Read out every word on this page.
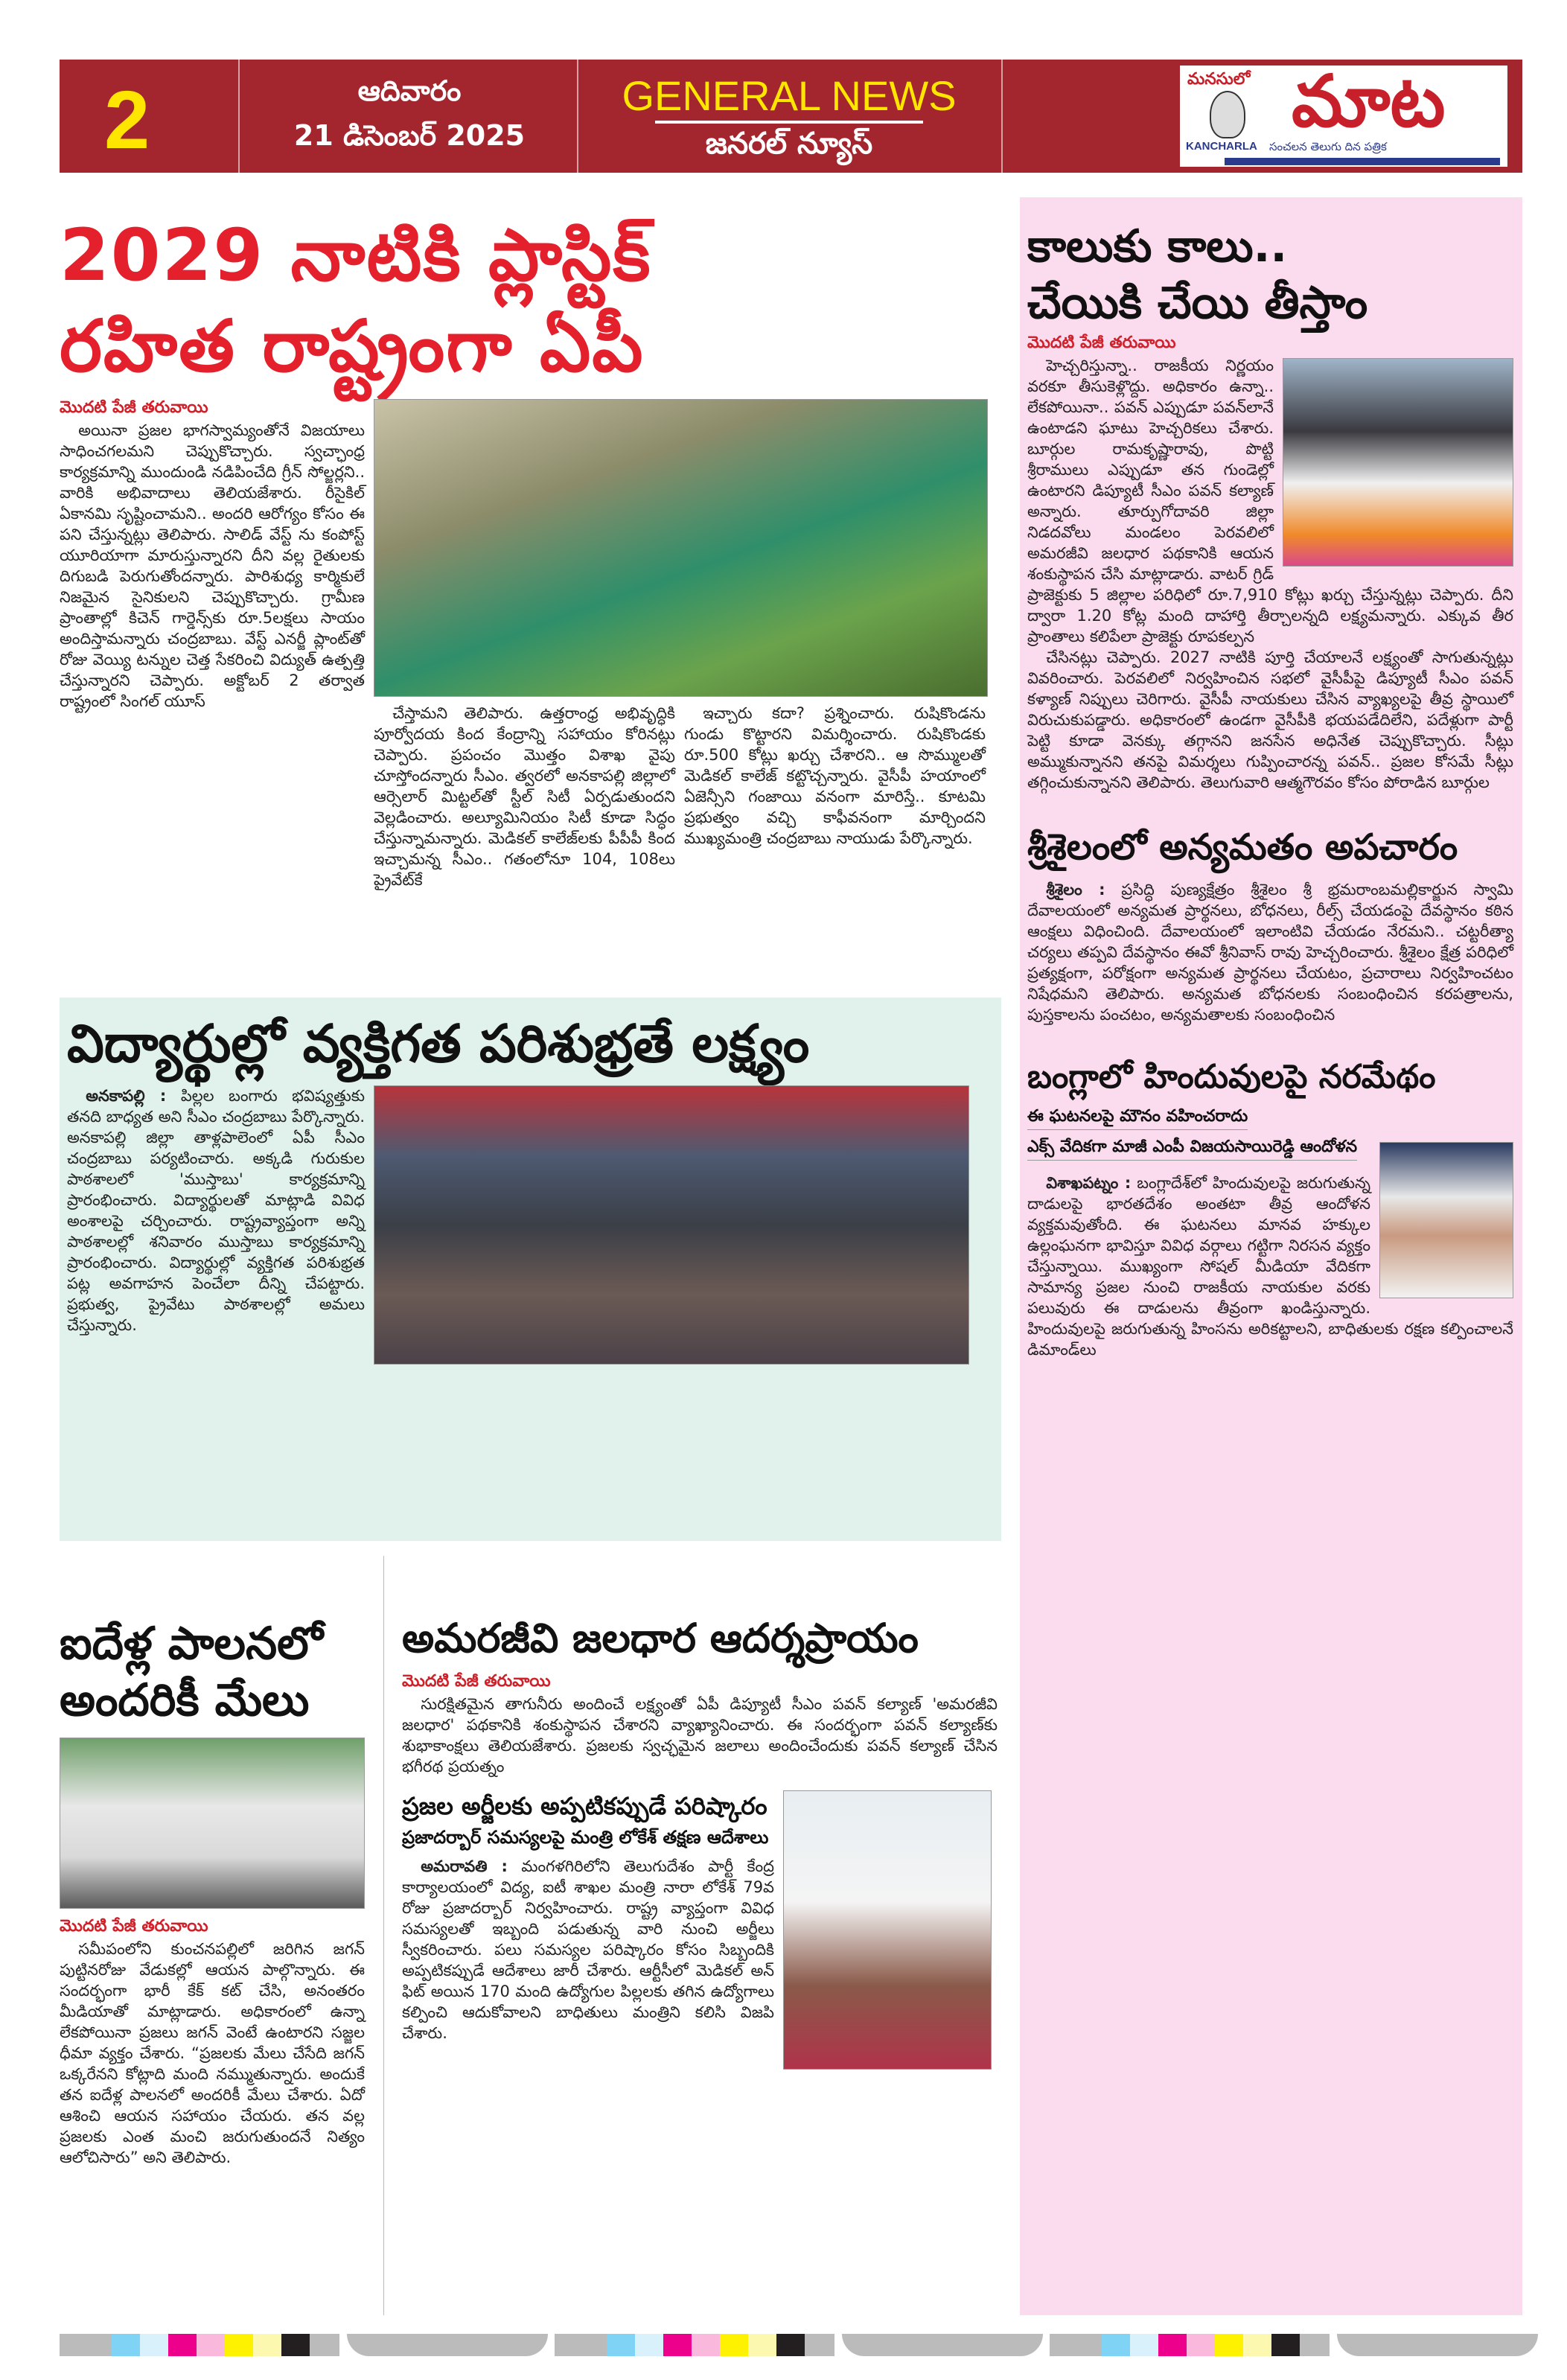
2	ఆదివారం
21 డిసెంబర్ 2025
GENERAL NEWS
జనరల్ న్యూస్
మనసులో మాట
KANCHARLA సంచలన తెలుగు దిన పత్రిక
2029 నాటికి ప్లాస్టిక్
రహిత రాష్ట్రంగా ఏపీ
మొదటి పేజీ తరువాయి

అయినా ప్రజల భాగస్వామ్యంతోనే విజయాలు సాధించగలమని చెప్పుకొచ్చారు. స్వచ్ఛాంధ్ర కార్యక్రమాన్ని ముందుండి నడిపించేది గ్రీన్ సోల్జర్లని.. వారికి అభివాదాలు తెలియజేశారు. రీసైకిల్ ఏకానమి సృష్టించామని.. అందరి ఆరోగ్యం కోసం ఈ పని చేస్తున్నట్లు తెలిపారు. సాలిడ్ వేస్ట్ ను కంపోస్ట్ యూరియాగా మారుస్తున్నారని దీని వల్ల రైతులకు దిగుబడి పెరుగుతోందన్నారు. పారిశుధ్య కార్మికులే నిజమైన సైనికులని చెప్పుకొచ్చారు. గ్రామీణ ప్రాంతాల్లో కిచెన్ గార్డెన్స్‌కు రూ.5లక్షలు సాయం అందిస్తామన్నారు చంద్రబాబు. వేస్ట్ ఎనర్జీ ప్లాంట్‌తో రోజు వెయ్యి టన్నుల చెత్త సేకరించి విద్యుత్ ఉత్పత్తి చేస్తున్నారని చెప్పారు. అక్టోబర్ 2 తర్వాత రాష్ట్రంలో సింగల్ యూస్

చేస్తామని తెలిపారు. ఉత్తరాంధ్ర అభివృద్ధికి పూర్వోదయ కింద కేంద్రాన్ని సహాయం కోరినట్లు చెప్పారు. ప్రపంచం మొత్తం విశాఖ వైపు చూస్తోందన్నారు సీఎం. త్వరలో అనకాపల్లి జిల్లాలో ఆర్సెలార్ మిట్టల్‌తో స్టీల్ సిటీ ఏర్పడుతుందని వెల్లడించారు. అల్యూమినియం సిటీ కూడా సిద్ధం చేస్తున్నామన్నారు. మెడికల్ కాలేజ్‌లకు పీపీపీ కింద ఇచ్చామన్న సీఎం.. గతంలోనూ 104, 108లు ప్రైవేట్‌కే

ఇచ్చారు కదా? ప్రశ్నించారు. రుషికొండను గుండు కొట్టారని విమర్శించారు. రుషికొండకు రూ.500 కోట్లు ఖర్చు చేశారని.. ఆ సొమ్ములతో మెడికల్ కాలేజ్ కట్టొచ్చన్నారు. వైసీపీ హయాంలో ఏజెన్సీని గంజాయి వనంగా మారిస్తే.. కూటమి ప్రభుత్వం వచ్చి కాఫీవనంగా మార్చిందని ముఖ్యమంత్రి చంద్రబాబు నాయుడు పేర్కొన్నారు.

విద్యార్థుల్లో వ్యక్తిగత పరిశుభ్రతే లక్ష్యం

అనకాపల్లి : పిల్లల బంగారు భవిష్యత్తుకు తనది బాధ్యత అని సీఎం చంద్రబాబు పేర్కొన్నారు. అనకాపల్లి జిల్లా తాళ్లపాలెంలో ఏపీ సీఎం చంద్రబాబు పర్యటించారు. అక్కడి గురుకుల పాఠశాలలో 'ముస్తాబు' కార్యక్రమాన్ని ప్రారంభించారు. విద్యార్థులతో మాట్లాడి వివిధ అంశాలపై చర్చించారు. రాష్ట్రవ్యాప్తంగా అన్ని పాఠశాలల్లో శనివారం ముస్తాబు కార్యక్రమాన్ని ప్రారంభించారు. విద్యార్థుల్లో వ్యక్తిగత పరిశుభ్రత పట్ల అవగాహన పెంచేలా దీన్ని చేపట్టారు. ప్రభుత్వ, ప్రైవేటు పాఠశాలల్లో అమలు చేస్తున్నారు.

ఐదేళ్ల పాలనలో
అందరికీ మేలు
మొదటి పేజీ తరువాయి

సమీపంలోని కుంచనపల్లిలో జరిగిన జగన్ పుట్టినరోజు వేడుకల్లో ఆయన పాల్గొన్నారు. ఈ సందర్భంగా భారీ కేక్ కట్ చేసి, అనంతరం మీడియాతో మాట్లాడారు. అధికారంలో ఉన్నా లేకపోయినా ప్రజలు జగన్ వెంటే ఉంటారని సజ్జల ధీమా వ్యక్తం చేశారు. “ప్రజలకు మేలు చేసేది జగన్ ఒక్కరేనని కోట్లాది మంది నమ్ముతున్నారు. అందుకే తన ఐదేళ్ల పాలనలో అందరికీ మేలు చేశారు. ఏదో ఆశించి ఆయన సహాయం చేయరు. తన వల్ల ప్రజలకు ఎంత మంచి జరుగుతుందనే నిత్యం ఆలోచిసారు” అని తెలిపారు.

అమరజీవి జలధార ఆదర్శప్రాయం
మొదటి పేజీ తరువాయి

సురక్షితమైన తాగునీరు అందించే లక్ష్యంతో ఏపీ డిప్యూటీ సీఎం పవన్ కల్యాణ్ 'అమరజీవి జలధార' పథకానికి శంకుస్థాపన చేశారని వ్యాఖ్యానించారు. ఈ సందర్భంగా పవన్ కల్యాణ్‌కు శుభాకాంక్షలు తెలియజేశారు. ప్రజలకు స్వచ్ఛమైన జలాలు అందించేందుకు పవన్ కల్యాణ్ చేసిన భగీరథ ప్రయత్నం

ప్రజల అర్జీలకు అప్పటికప్పుడే పరిష్కారం
ప్రజాదర్బార్ సమస్యలపై మంత్రి లోకేశ్ తక్షణ ఆదేశాలు

అమరావతి : మంగళగిరిలోని తెలుగుదేశం పార్టీ కేంద్ర కార్యాలయంలో విద్య, ఐటీ శాఖల మంత్రి నారా లోకేశ్ 79వ రోజు ప్రజాదర్బార్ నిర్వహించారు. రాష్ట్ర వ్యాప్తంగా వివిధ సమస్యలతో ఇబ్బంది పడుతున్న వారి నుంచి అర్జీలు స్వీకరించారు. పలు సమస్యల పరిష్కారం కోసం సిబ్బందికి అప్పటికప్పుడే ఆదేశాలు జారీ చేశారు. ఆర్టీసీలో మెడికల్ అన్ ఫిట్ అయిన 170 మంది ఉద్యోగుల పిల్లలకు తగిన ఉద్యోగాలు కల్పించి ఆదుకోవాలని బాధితులు మంత్రిని కలిసి విజపి చేశారు.

కాలుకు కాలు..
చేయికి చేయి తీస్తాం
మొదటి పేజీ తరువాయి

హెచ్చరిస్తున్నా.. రాజకీయ నిర్ణయం వరకూ తీసుకెళ్లొద్దు. అధికారం ఉన్నా.. లేకపోయినా.. పవన్ ఎప్పుడూ పవన్‌లానే ఉంటాడని ఘాటు హెచ్చరికలు చేశారు. బూర్గుల రామకృష్ణారావు, పొట్టి శ్రీరాములు ఎప్పుడూ తన గుండెల్లో ఉంటారని డిప్యూటీ సీఎం పవన్ కల్యాణ్ అన్నారు. తూర్పుగోదావరి జిల్లా నిడదవోలు మండలం పెరవలిలో అమరజీవి జలధార పథకానికి ఆయన శంకుస్థాపన చేసి మాట్లాడారు. వాటర్ గ్రిడ్ ప్రాజెక్టుకు 5 జిల్లాల పరిధిలో రూ.7,910 కోట్లు ఖర్చు చేస్తున్నట్లు చెప్పారు. దీని ద్వారా 1.20 కోట్ల మంది దాహార్తి తీర్చాలన్నది లక్ష్యమన్నారు. ఎక్కువ తీర ప్రాంతాలు కలిపేలా ప్రాజెక్టు రూపకల్పన

చేసినట్లు చెప్పారు. 2027 నాటికి పూర్తి చేయాలనే లక్ష్యంతో సాగుతున్నట్లు వివరించారు. పెరవలిలో నిర్వహించిన సభలో వైసీపీపై డిప్యూటీ సీఎం పవన్ కళ్యాణ్ నిప్పులు చెరిగారు. వైసీపీ నాయకులు చేసిన వ్యాఖ్యలపై తీవ్ర స్థాయిలో విరుచుకుపడ్డారు. అధికారంలో ఉండగా వైసీపీకి భయపడేదిలేని, పదేళ్లుగా పార్టీ పెట్టి కూడా వెనక్కు తగ్గానని జనసేన అధినేత చెప్పుకొచ్చారు. సీట్లు అమ్ముకున్నానని తనపై విమర్శలు గుప్పించారన్న పవన్.. ప్రజల కోసమే సీట్లు తగ్గించుకున్నానని తెలిపారు. తెలుగువారి ఆత్మగౌరవం కోసం పోరాడిన బూర్గుల

శ్రీశైలంలో అన్యమతం అపచారం

శ్రీశైలం : ప్రసిద్ధి పుణ్యక్షేత్రం శ్రీశైలం శ్రీ భ్రమరాంబమల్లికార్జున స్వామి దేవాలయంలో అన్యమత ప్రార్థనలు, బోధనలు, రీల్స్ చేయడంపై దేవస్థానం కఠిన ఆంక్షలు విధించింది. దేవాలయంలో ఇలాంటివి చేయడం నేరమని.. చట్టరీత్యా చర్యలు తప్పవి దేవస్థానం ఈవో శ్రీనివాస్ రావు హెచ్చరించారు. శ్రీశైలం క్షేత్ర పరిధిలో ప్రత్యక్షంగా, పరోక్షంగా అన్యమత ప్రార్థనలు చేయటం, ప్రచారాలు నిర్వహించటం నిషేధమని తెలిపారు. అన్యమత బోధనలకు సంబంధించిన కరపత్రాలను, పుస్తకాలను పంచటం, అన్యమతాలకు సంబంధించిన

బంగ్లాలో హిందువులపై నరమేథం
ఈ ఘటనలపై మౌనం వహించరాదు
ఎక్స్ వేదికగా మాజీ ఎంపీ విజయసాయిరెడ్డి ఆందోళన

విశాఖపట్నం : బంగ్లాదేశ్‌లో హిందువులపై జరుగుతున్న దాడులపై భారతదేశం అంతటా తీవ్ర ఆందోళన వ్యక్తమవుతోంది. ఈ ఘటనలు మానవ హక్కుల ఉల్లంఘనగా భావిస్తూ వివిధ వర్గాలు గట్టిగా నిరసన వ్యక్తం చేస్తున్నాయి. ముఖ్యంగా సోషల్ మీడియా వేదికగా సామాన్య ప్రజల నుంచి రాజకీయ నాయకుల వరకు పలువురు ఈ దాడులను తీవ్రంగా ఖండిస్తున్నారు. హిందువులపై జరుగుతున్న హింసను అరికట్టాలని, బాధితులకు రక్షణ కల్పించాలనే డిమాండ్‌లు
